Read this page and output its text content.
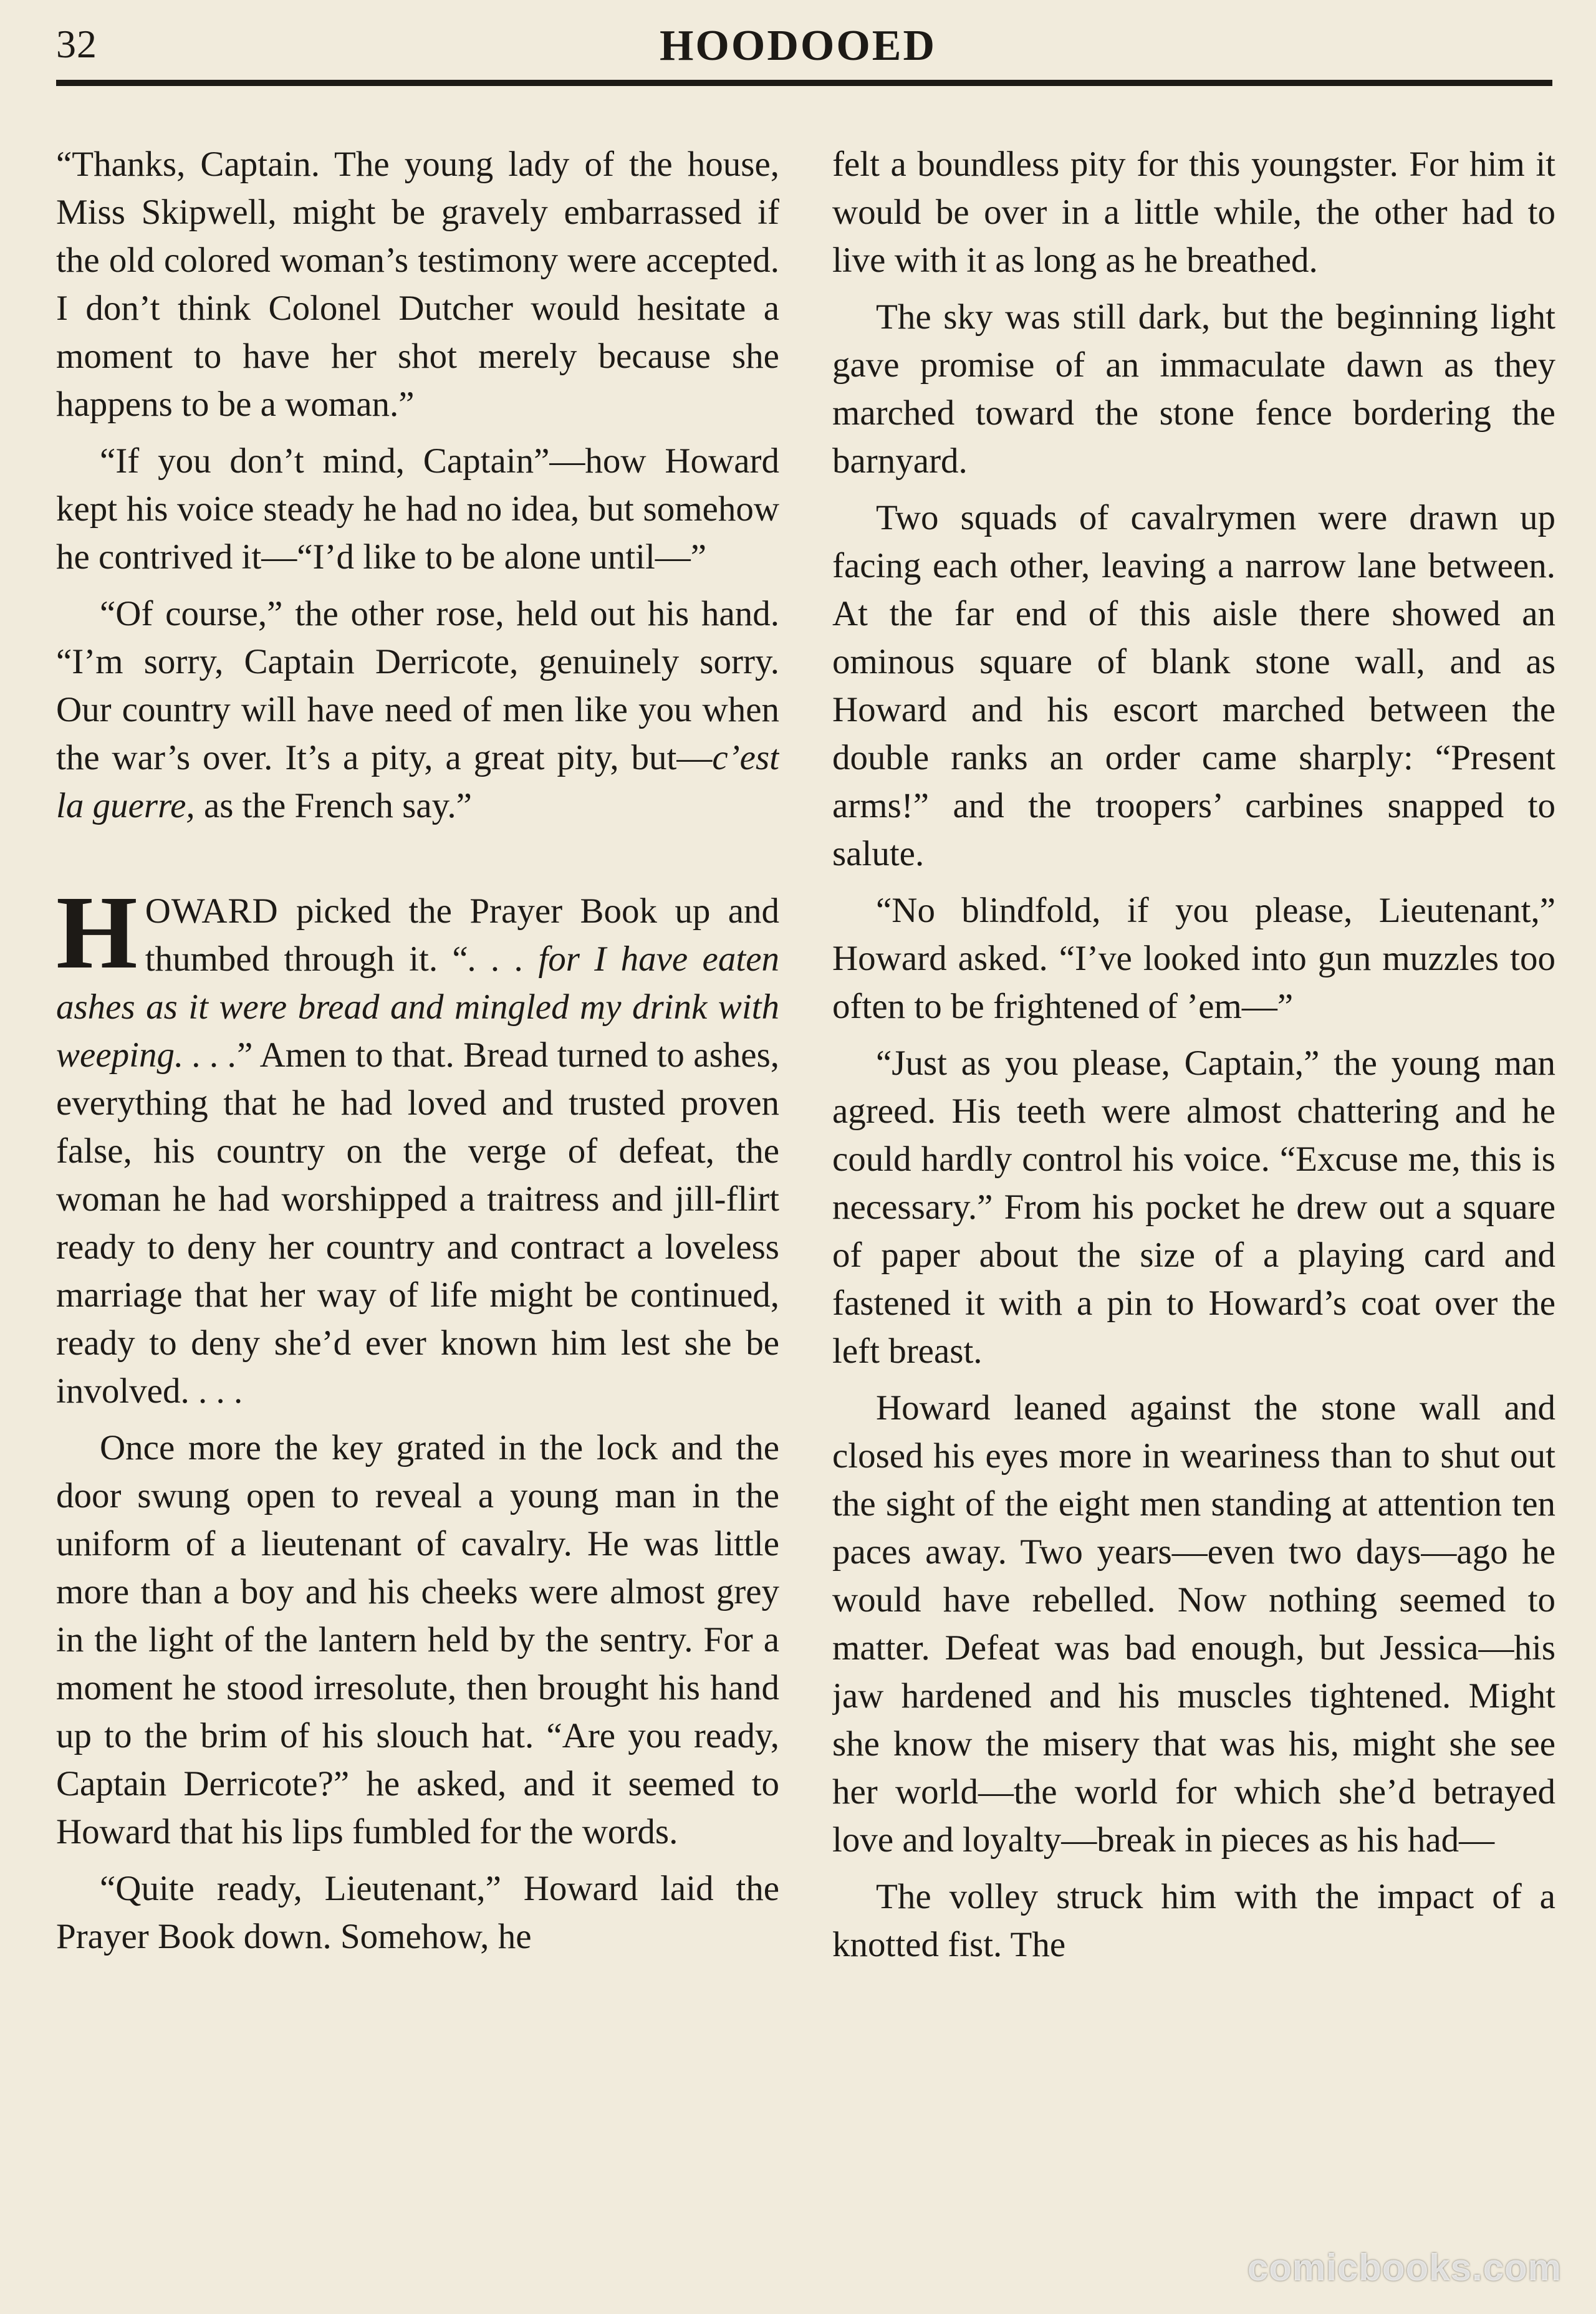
32	HOODOOED

“Thanks, Captain. The young lady of the house, Miss Skipwell, might be gravely embarrassed if the old colored woman’s testimony were accepted. I don’t think Colonel Dutcher would hesitate a moment to have her shot merely because she happens to be a woman.”

“If you don’t mind, Captain”—how Howard kept his voice steady he had no idea, but somehow he contrived it—“I’d like to be alone until—”

“Of course,” the other rose, held out his hand. “I’m sorry, Captain Derricote, genuinely sorry. Our country will have need of men like you when the war’s over. It’s a pity, a great pity, but—c’est la guerre, as the French say.”

HOWARD picked the Prayer Book up and thumbed through it. “. . . for I have eaten ashes as it were bread and mingled my drink with weeping. . . .” Amen to that. Bread turned to ashes, everything that he had loved and trusted proven false, his country on the verge of defeat, the woman he had worshipped a traitress and jill-flirt ready to deny her country and contract a loveless marriage that her way of life might be continued, ready to deny she’d ever known him lest she be involved. . . .

Once more the key grated in the lock and the door swung open to reveal a young man in the uniform of a lieutenant of cavalry. He was little more than a boy and his cheeks were almost grey in the light of the lantern held by the sentry. For a moment he stood irresolute, then brought his hand up to the brim of his slouch hat. “Are you ready, Captain Derricote?” he asked, and it seemed to Howard that his lips fumbled for the words.

“Quite ready, Lieutenant,” Howard laid the Prayer Book down. Somehow, he

felt a boundless pity for this youngster. For him it would be over in a little while, the other had to live with it as long as he breathed.

The sky was still dark, but the beginning light gave promise of an immaculate dawn as they marched toward the stone fence bordering the barnyard.

Two squads of cavalrymen were drawn up facing each other, leaving a narrow lane between. At the far end of this aisle there showed an ominous square of blank stone wall, and as Howard and his escort marched between the double ranks an order came sharply: “Present arms!” and the troopers’ carbines snapped to salute.

“No blindfold, if you please, Lieutenant,” Howard asked. “I’ve looked into gun muzzles too often to be frightened of ’em—”

“Just as you please, Captain,” the young man agreed. His teeth were almost chattering and he could hardly control his voice. “Excuse me, this is necessary.” From his pocket he drew out a square of paper about the size of a playing card and fastened it with a pin to Howard’s coat over the left breast.

Howard leaned against the stone wall and closed his eyes more in weariness than to shut out the sight of the eight men standing at attention ten paces away. Two years—even two days—ago he would have rebelled. Now nothing seemed to matter. Defeat was bad enough, but Jessica—his jaw hardened and his muscles tightened. Might she know the misery that was his, might she see her world—the world for which she’d betrayed love and loyalty—break in pieces as his had—

The volley struck him with the impact of a knotted fist. The

comicbooks.com
